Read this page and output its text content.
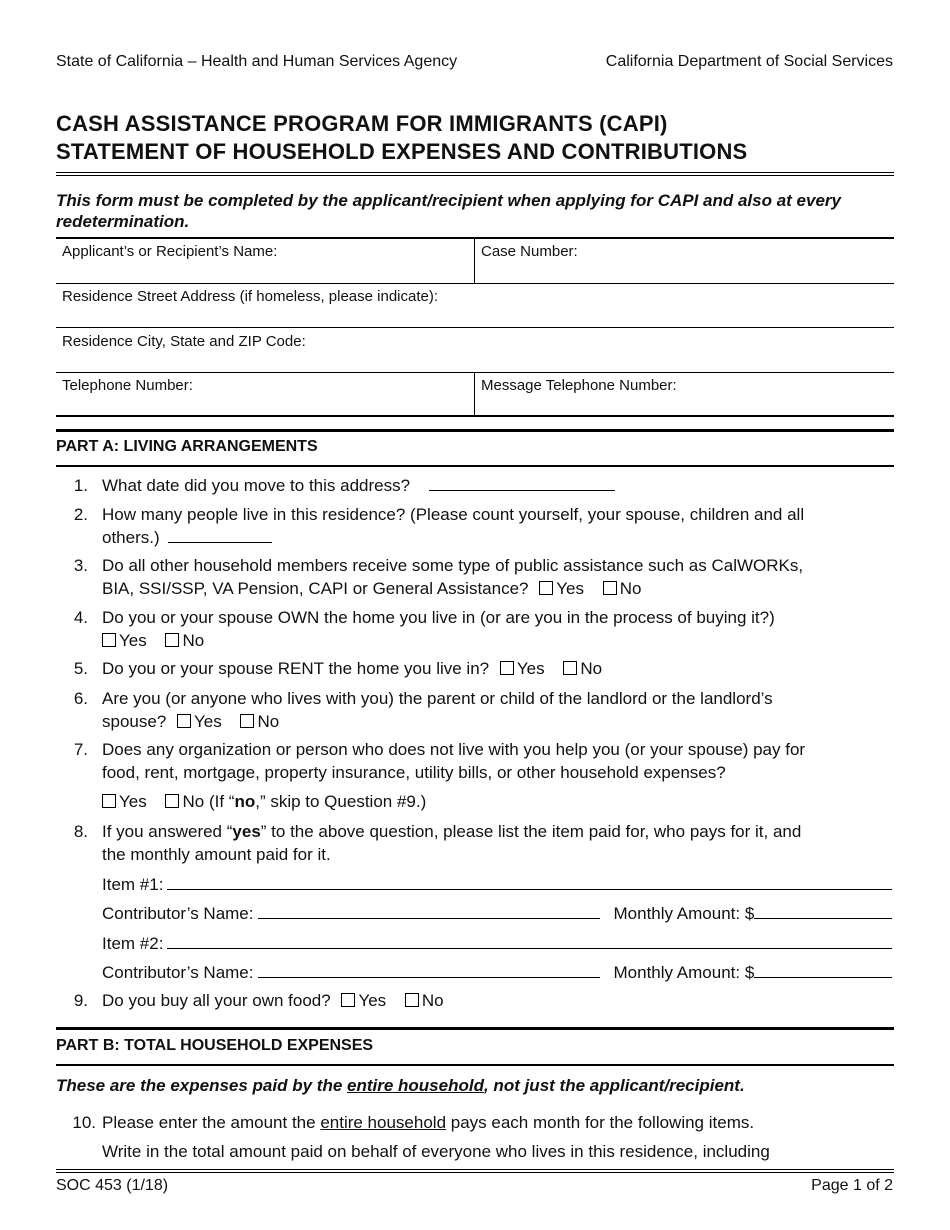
State of California – Health and Human Services Agency	California Department of Social Services
CASH ASSISTANCE PROGRAM FOR IMMIGRANTS (CAPI)
STATEMENT OF HOUSEHOLD EXPENSES AND CONTRIBUTIONS
This form must be completed by the applicant/recipient when applying for CAPI and also at every redetermination.
Applicant’s or Recipient’s Name:	Case Number:
Residence Street Address (if homeless, please indicate):
Residence City, State and ZIP Code:
Telephone Number:	Message Telephone Number:
PART A: LIVING ARRANGEMENTS
1. What date did you move to this address?
2. How many people live in this residence? (Please count yourself, your spouse, children and all
others.)
3. Do all other household members receive some type of public assistance such as CalWORKs,
BIA, SSI/SSP, VA Pension, CAPI or General Assistance? Yes No
4. Do you or your spouse OWN the home you live in (or are you in the process of buying it?)
Yes No
5. Do you or your spouse RENT the home you live in? Yes No
6. Are you (or anyone who lives with you) the parent or child of the landlord or the landlord’s
spouse? Yes No
7. Does any organization or person who does not live with you help you (or your spouse) pay for
food, rent, mortgage, property insurance, utility bills, or other household expenses?
Yes No (If “no,” skip to Question #9.)
8. If you answered “yes” to the above question, please list the item paid for, who pays for it, and
the monthly amount paid for it.
Item #1:
Contributor’s Name:	Monthly Amount: $
Item #2:
Contributor’s Name:	Monthly Amount: $
9. Do you buy all your own food? Yes No
PART B: TOTAL HOUSEHOLD EXPENSES
These are the expenses paid by the entire household, not just the applicant/recipient.
10. Please enter the amount the entire household pays each month for the following items.
Write in the total amount paid on behalf of everyone who lives in this residence, including
SOC 453 (1/18)	Page 1 of 2
